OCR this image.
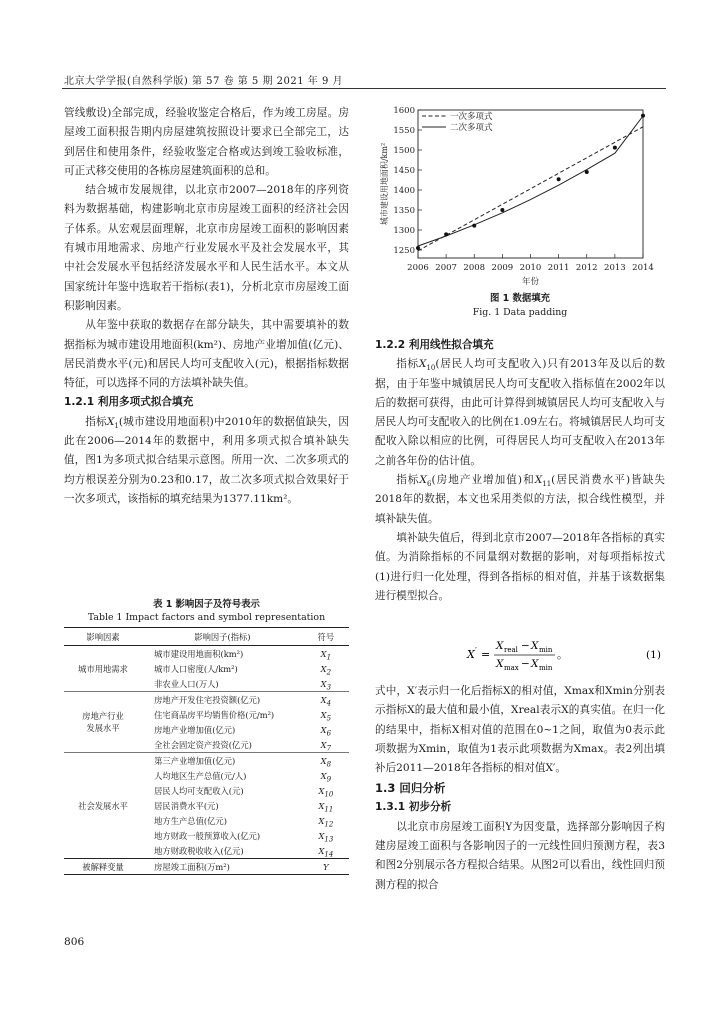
北京大学学报(自然科学版) 第 57 卷 第 5 期 2021 年 9 月

管线敷设)全部完成，经验收鉴定合格后，作为竣工房屋。房屋竣工面积报告期内房屋建筑按照设计要求已全部完工，达到居住和使用条件，经验收鉴定合格或达到竣工验收标准，可正式移交使用的各栋房屋建筑面积的总和。

结合城市发展规律，以北京市2007—2018年的序列资料为数据基础，构建影响北京市房屋竣工面积的经济社会因子体系。从宏观层面理解，北京市房屋竣工面积的影响因素有城市用地需求、房地产行业发展水平及社会发展水平，其中社会发展水平包括经济发展水平和人民生活水平。本文从国家统计年鉴中选取若干指标(表1)，分析北京市房屋竣工面积影响因素。

从年鉴中获取的数据存在部分缺失，其中需要填补的数据指标为城市建设用地面积(km²)、房地产业增加值(亿元)、居民消费水平(元)和居民人均可支配收入(元)，根据指标数据特征，可以选择不同的方法填补缺失值。

1.2.1 利用多项式拟合填充

指标$X_1$(城市建设用地面积)中2010年的数据值缺失，因此在2006—2014年的数据中，利用多项式拟合填补缺失值，图1为多项式拟合结果示意图。所用一次、二次多项式的均方根误差分别为0.23和0.17，故二次多项式拟合效果好于一次多项式，该指标的填充结果为1377.11km²。

表 1 影响因子及符号表示
Table 1 Impact factors and symbol representation
影响因素	影响因子(指标)	符号
城市用地需求	城市建设用地面积(km²)	$X_1$
	城市人口密度(人/km²)	$X_2$
	非农业人口(万人)	$X_3$
房地产行业
发展水平	房地产开发住宅投资额(亿元)	$X_4$
	住宅商品房平均销售价格(元/m²)	$X_5$
	房地产业增加值(亿元)	$X_6$
	全社会固定资产投资(亿元)	$X_7$
社会发展水平	第三产业增加值(亿元)	$X_8$
	人均地区生产总值(元/人)	$X_9$
	居民人均可支配收入(元)	$X_{10}$
	居民消费水平(元)	$X_{11}$
	地方生产总值(亿元)	$X_{12}$
	地方财政一般预算收入(亿元)	$X_{13}$
	地方财政税收收入(亿元)	$X_{14}$
被解释变量	房屋竣工面积(万m²)	Y
1250
1300
1350
1400
1450
1500
1550
1600
2006 2007 2008 2009 2010 2011 2012 2013 2014
年份
城市建设用地面积/km²
一次多项式
二次多项式
图 1 数据填充
Fig. 1 Data padding
1.2.2 利用线性拟合填充

指标$X_{10}$(居民人均可支配收入)只有2013年及以后的数据，由于年鉴中城镇居民人均可支配收入指标值在2002年以后的数据可获得，由此可计算得到城镇居民人均可支配收入与居民人均可支配收入的比例在1.09左右。将城镇居民人均可支配收入除以相应的比例，可得居民人均可支配收入在2013年之前各年份的估计值。

指标$X_6$(房地产业增加值)和$X_{11}$(居民消费水平)皆缺失2018年的数据，本文也采用类似的方法，拟合线性模型，并填补缺失值。

填补缺失值后，得到北京市2007—2018年各指标的真实值。为消除指标的不同量纲对数据的影响，对每项指标按式(1)进行归一化处理，得到各指标的相对值，并基于该数据集进行模型拟合。

X ′ =
X real − X min
X max − X min
。	(1)

式中，X′表示归一化后指标X的相对值，Xmax和Xmin分别表示指标X的最大值和最小值，Xreal表示X的真实值。在归一化的结果中，指标X相对值的范围在0~1之间，取值为0表示此项数据为Xmin，取值为1表示此项数据为Xmax。表2列出填补后2011—2018年各指标的相对值X′。

1.3 回归分析
1.3.1 初步分析

以北京市房屋竣工面积Y为因变量，选择部分影响因子构建房屋竣工面积与各影响因子的一元线性回归预测方程，表3和图2分别展示各方程拟合结果。从图2可以看出，线性回归预测方程的拟合

806
